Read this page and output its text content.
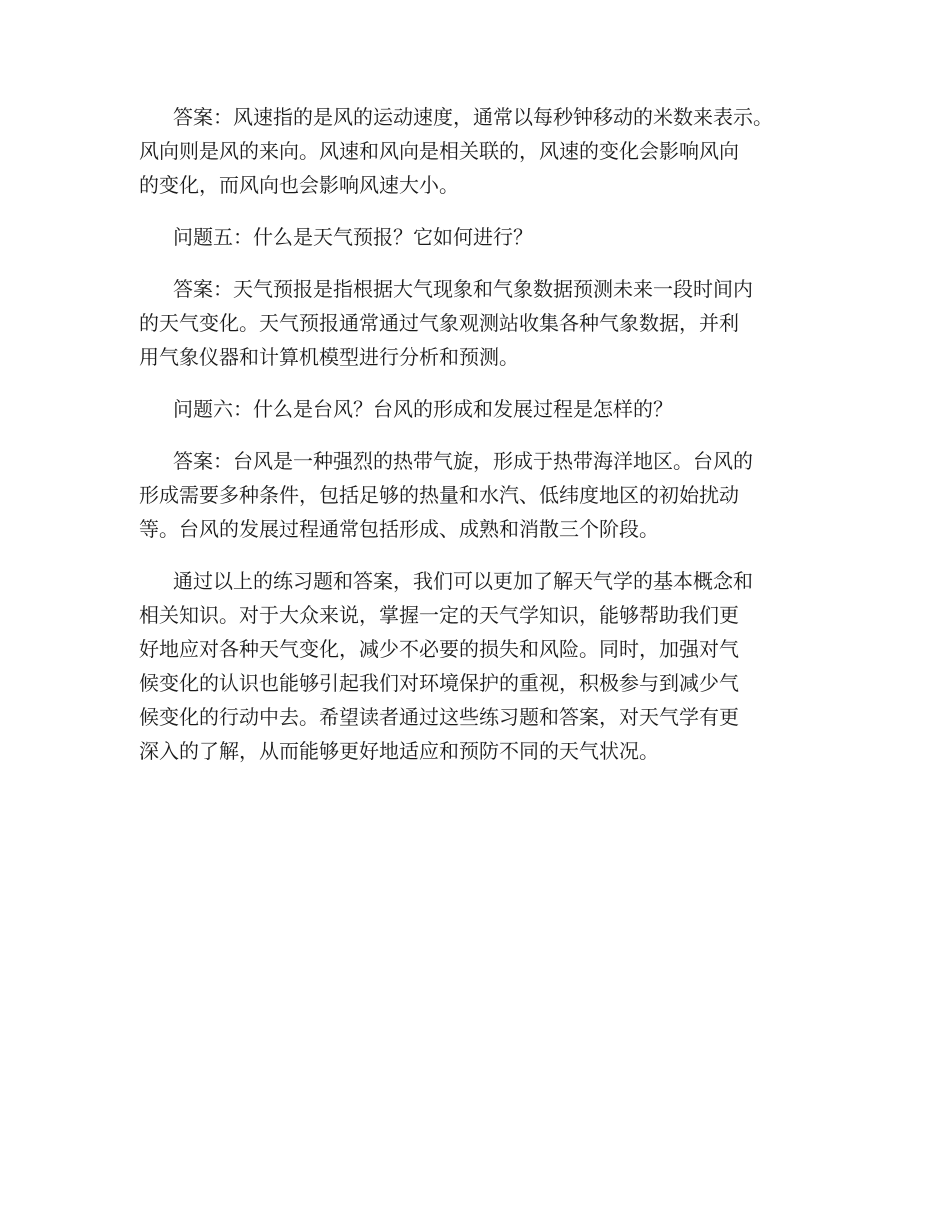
答案：风速指的是风的运动速度，通常以每秒钟移动的米数来表示。
风向则是风的来向。风速和风向是相关联的，风速的变化会影响风向
的变化，而风向也会影响风速大小。

问题五：什么是天气预报？它如何进行？

答案：天气预报是指根据大气现象和气象数据预测未来一段时间内
的天气变化。天气预报通常通过气象观测站收集各种气象数据，并利
用气象仪器和计算机模型进行分析和预测。

问题六：什么是台风？台风的形成和发展过程是怎样的？

答案：台风是一种强烈的热带气旋，形成于热带海洋地区。台风的
形成需要多种条件，包括足够的热量和水汽、低纬度地区的初始扰动
等。台风的发展过程通常包括形成、成熟和消散三个阶段。

通过以上的练习题和答案，我们可以更加了解天气学的基本概念和
相关知识。对于大众来说，掌握一定的天气学知识，能够帮助我们更
好地应对各种天气变化，减少不必要的损失和风险。同时，加强对气
候变化的认识也能够引起我们对环境保护的重视，积极参与到减少气
候变化的行动中去。希望读者通过这些练习题和答案，对天气学有更
深入的了解，从而能够更好地适应和预防不同的天气状况。
